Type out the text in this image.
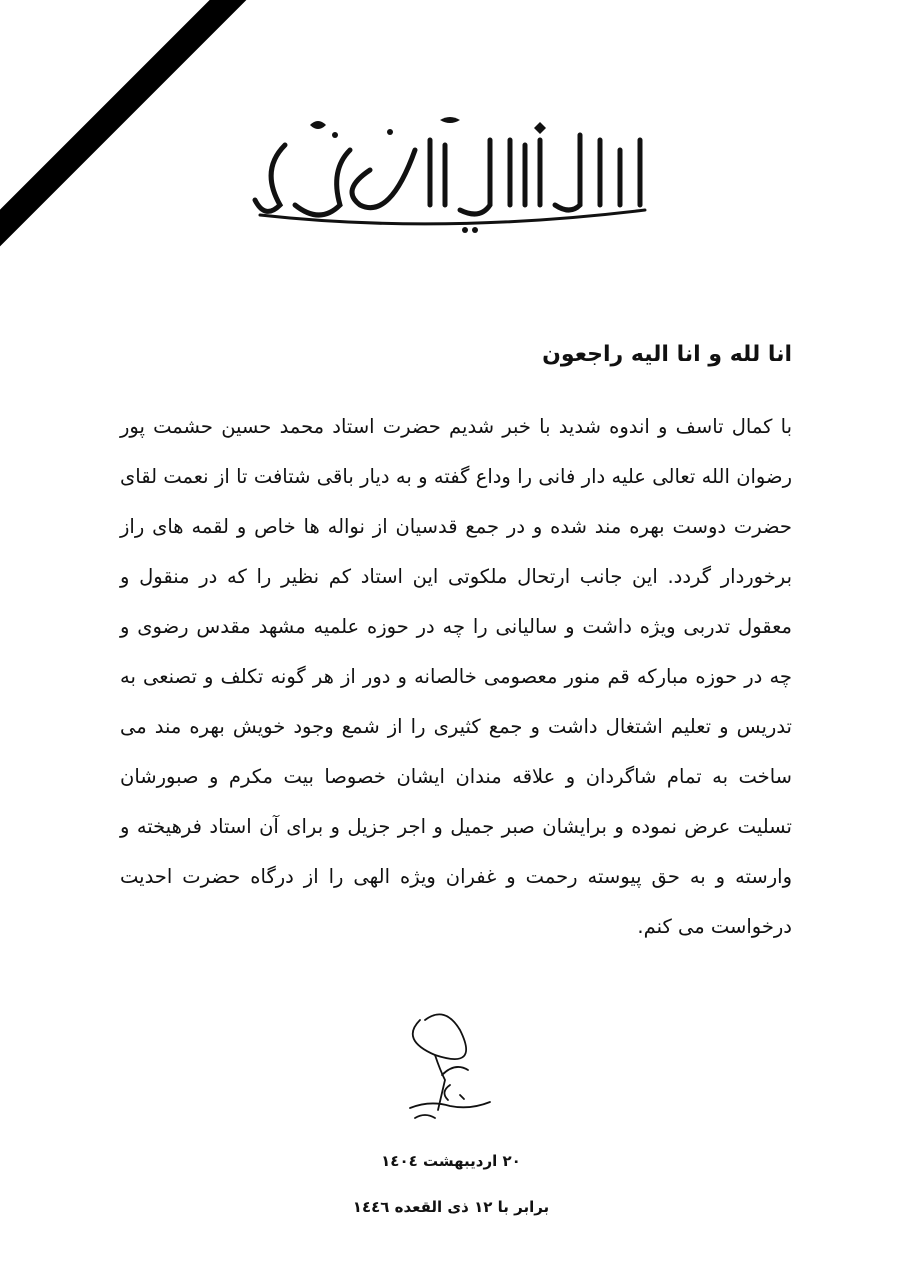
انا لله و انا الیه راجعون

با کمال تاسف و اندوه شدید با خبر شدیم حضرت استاد محمد حسین حشمت پور رضوان الله تعالی علیه دار فانی را وداع گفته و به دیار باقی شتافت تا از نعمت لقای حضرت دوست بهره مند شده و در جمع قدسیان از نواله ها خاص و لقمه های راز برخوردار گردد. این جانب ارتحال ملکوتی این استاد کم نظیر را که در منقول و معقول تدربی ویژه داشت و سالیانی را چه در حوزه علمیه مشهد مقدس رضوی و چه در حوزه مبارکه قم منور معصومی خالصانه و دور از هر گونه تکلف و تصنعی به تدریس و تعلیم اشتغال داشت و جمع کثیری را از شمع وجود خویش بهره مند می ساخت به تمام شاگردان و علاقه مندان ایشان خصوصا بیت مکرم و صبورشان تسلیت عرض نموده و برایشان صبر جمیل و اجر جزیل و برای آن استاد فرهیخته و وارسته و به حق پیوسته رحمت و غفران ویژه الهی را از درگاه حضرت احدیت درخواست می کنم.

۲۰ اردیبهشت ١٤٠٤
برابر با ۱۲ ذی القعده ١٤٤٦
